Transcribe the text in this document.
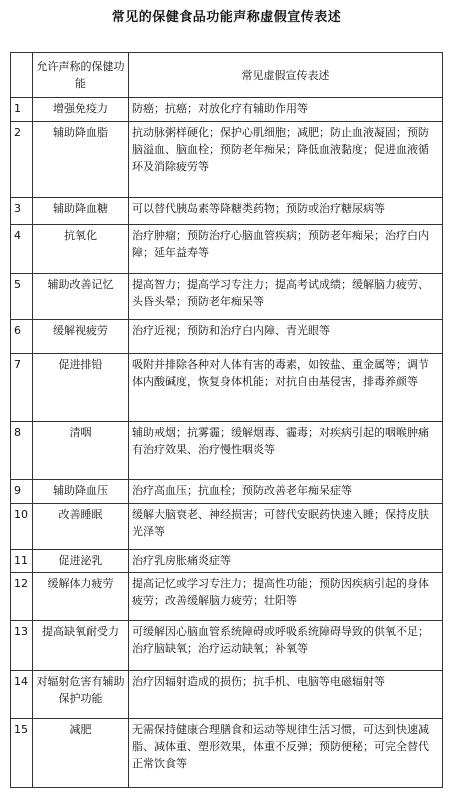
常见的保健食品功能声称虚假宣传表述
	允许声称的保健功能	常见虚假宣传表述
1	增强免疫力	防癌；抗癌；对放化疗有辅助作用等
2	辅助降血脂	抗动脉粥样硬化；保护心肌细胞；减肥；防止血液凝固；预防脑溢血、脑血栓；预防老年痴呆；降低血液黏度；促进血液循环及消除疲劳等
3	辅助降血糖	可以替代胰岛素等降糖类药物；预防或治疗糖尿病等
4	抗氧化	治疗肿瘤；预防治疗心脑血管疾病；预防老年痴呆；治疗白内障；延年益寿等
5	辅助改善记忆	提高智力；提高学习专注力；提高考试成绩；缓解脑力疲劳、头昏头晕；预防老年痴呆等
6	缓解视疲劳	治疗近视；预防和治疗白内障、青光眼等
7	促进排铅	吸附并排除各种对人体有害的毒素，如铵盐、重金属等；调节体内酸碱度，恢复身体机能；对抗自由基侵害，排毒养颜等
8	清咽	辅助戒烟；抗雾霾；缓解烟毒、霾毒；对疾病引起的咽喉肿痛有治疗效果、治疗慢性咽炎等
9	辅助降血压	治疗高血压；抗血栓；预防改善老年痴呆症等
10	改善睡眠	缓解大脑衰老、神经损害；可替代安眠药快速入睡；保持皮肤光泽等
11	促进泌乳	治疗乳房胀痛炎症等
12	缓解体力疲劳	提高记忆或学习专注力；提高性功能；预防因疾病引起的身体疲劳；改善缓解脑力疲劳；壮阳等
13	提高缺氧耐受力	可缓解因心脑血管系统障碍或呼吸系统障碍导致的供氧不足；治疗脑缺氧；治疗运动缺氧；补氧等
14	对辐射危害有辅助保护功能	治疗因辐射造成的损伤；抗手机、电脑等电磁辐射等
15	减肥	无需保持健康合理膳食和运动等规律生活习惯，可达到快速减脂、减体重、塑形效果，体重不反弹；预防便秘；可完全替代正常饮食等
